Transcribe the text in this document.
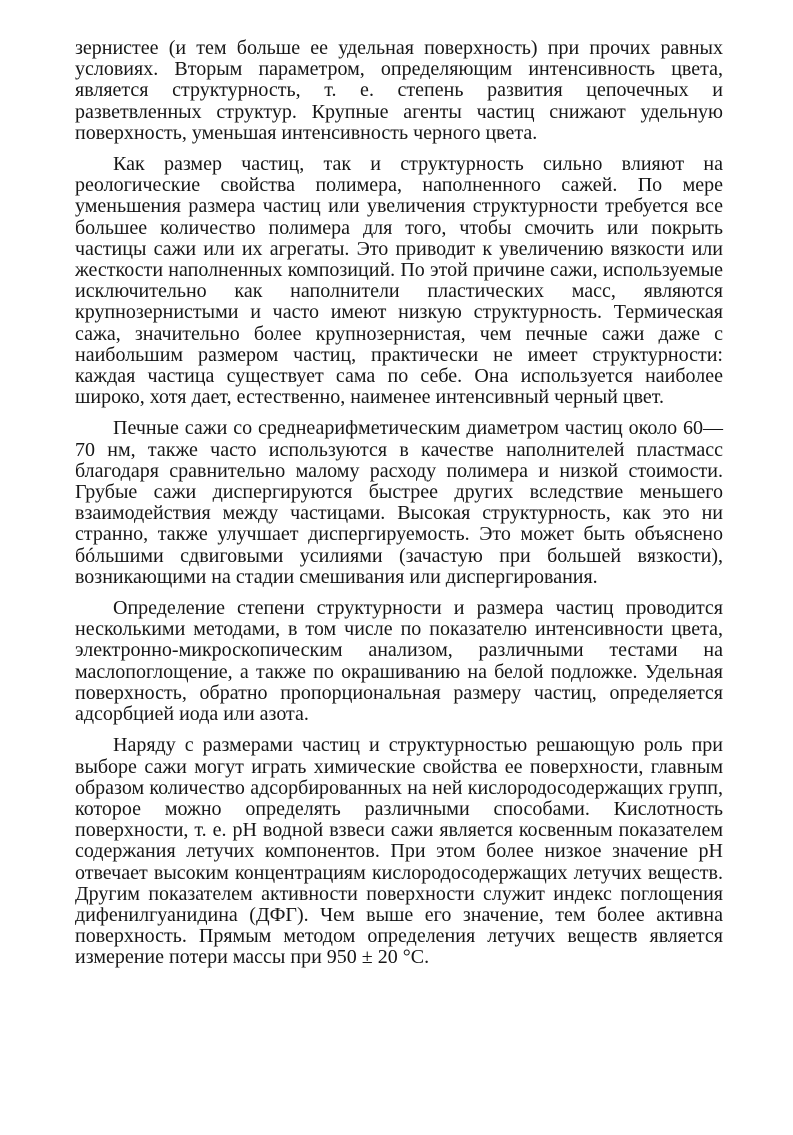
зернистее (и тем больше ее удельная поверхность) при прочих равных условиях. Вторым параметром, определяющим интенсивность цвета, является структурность, т. е. степень развития цепочечных и разветвленных структур. Крупные агенты частиц снижают удельную поверхность, уменьшая интенсивность черного цвета.

Как размер частиц, так и структурность сильно влияют на реологические свойства полимера, наполненного сажей. По мере уменьшения размера частиц или увеличения структурности требуется все большее количество полимера для того, чтобы смочить или покрыть частицы сажи или их агрегаты. Это приводит к увеличению вязкости или жесткости наполненных композиций. По этой причине сажи, используемые исключительно как наполнители пластических масс, являются крупнозернистыми и часто имеют низкую структурность. Термическая сажа, значительно более крупнозернистая, чем печные сажи даже с наибольшим размером частиц, практически не имеет структурности: каждая частица существует сама по себе. Она используется наиболее широко, хотя дает, естественно, наименее интенсивный черный цвет.

Печные сажи со среднеарифметическим диаметром частиц около 60—70 нм, также часто используются в качестве наполнителей пластмасс благодаря сравнительно малому расходу полимера и низкой стоимости. Грубые сажи диспергируются быстрее других вследствие меньшего взаимодействия между частицами. Высокая структурность, как это ни странно, также улучшает диспергируемость. Это может быть объяснено бóльшими сдвиговыми усилиями (зачастую при большей вязкости), возникающими на стадии смешивания или диспергирования.

Определение степени структурности и размера частиц проводится несколькими методами, в том числе по показателю интенсивности цвета, электронно-микроскопическим анализом, различными тестами на маслопоглощение, а также по окрашиванию на белой подложке. Удельная поверхность, обратно пропорциональная размеру частиц, определяется адсорбцией иода или азота.

Наряду с размерами частиц и структурностью решающую роль при выборе сажи могут играть химические свойства ее поверхности, главным образом количество адсорбированных на ней кислородосодержащих групп, которое можно определять различными способами. Кислотность поверхности, т. е. pH водной взвеси сажи является косвенным показателем содержания летучих компонентов. При этом более низкое значение pH отвечает высоким концентрациям кислородосодержащих летучих веществ. Другим показателем активности поверхности служит индекс поглощения дифенилгуанидина (ДФГ). Чем выше его значение, тем более активна поверхность. Прямым методом определения летучих веществ является измерение потери массы при 950 ± 20 °С.
